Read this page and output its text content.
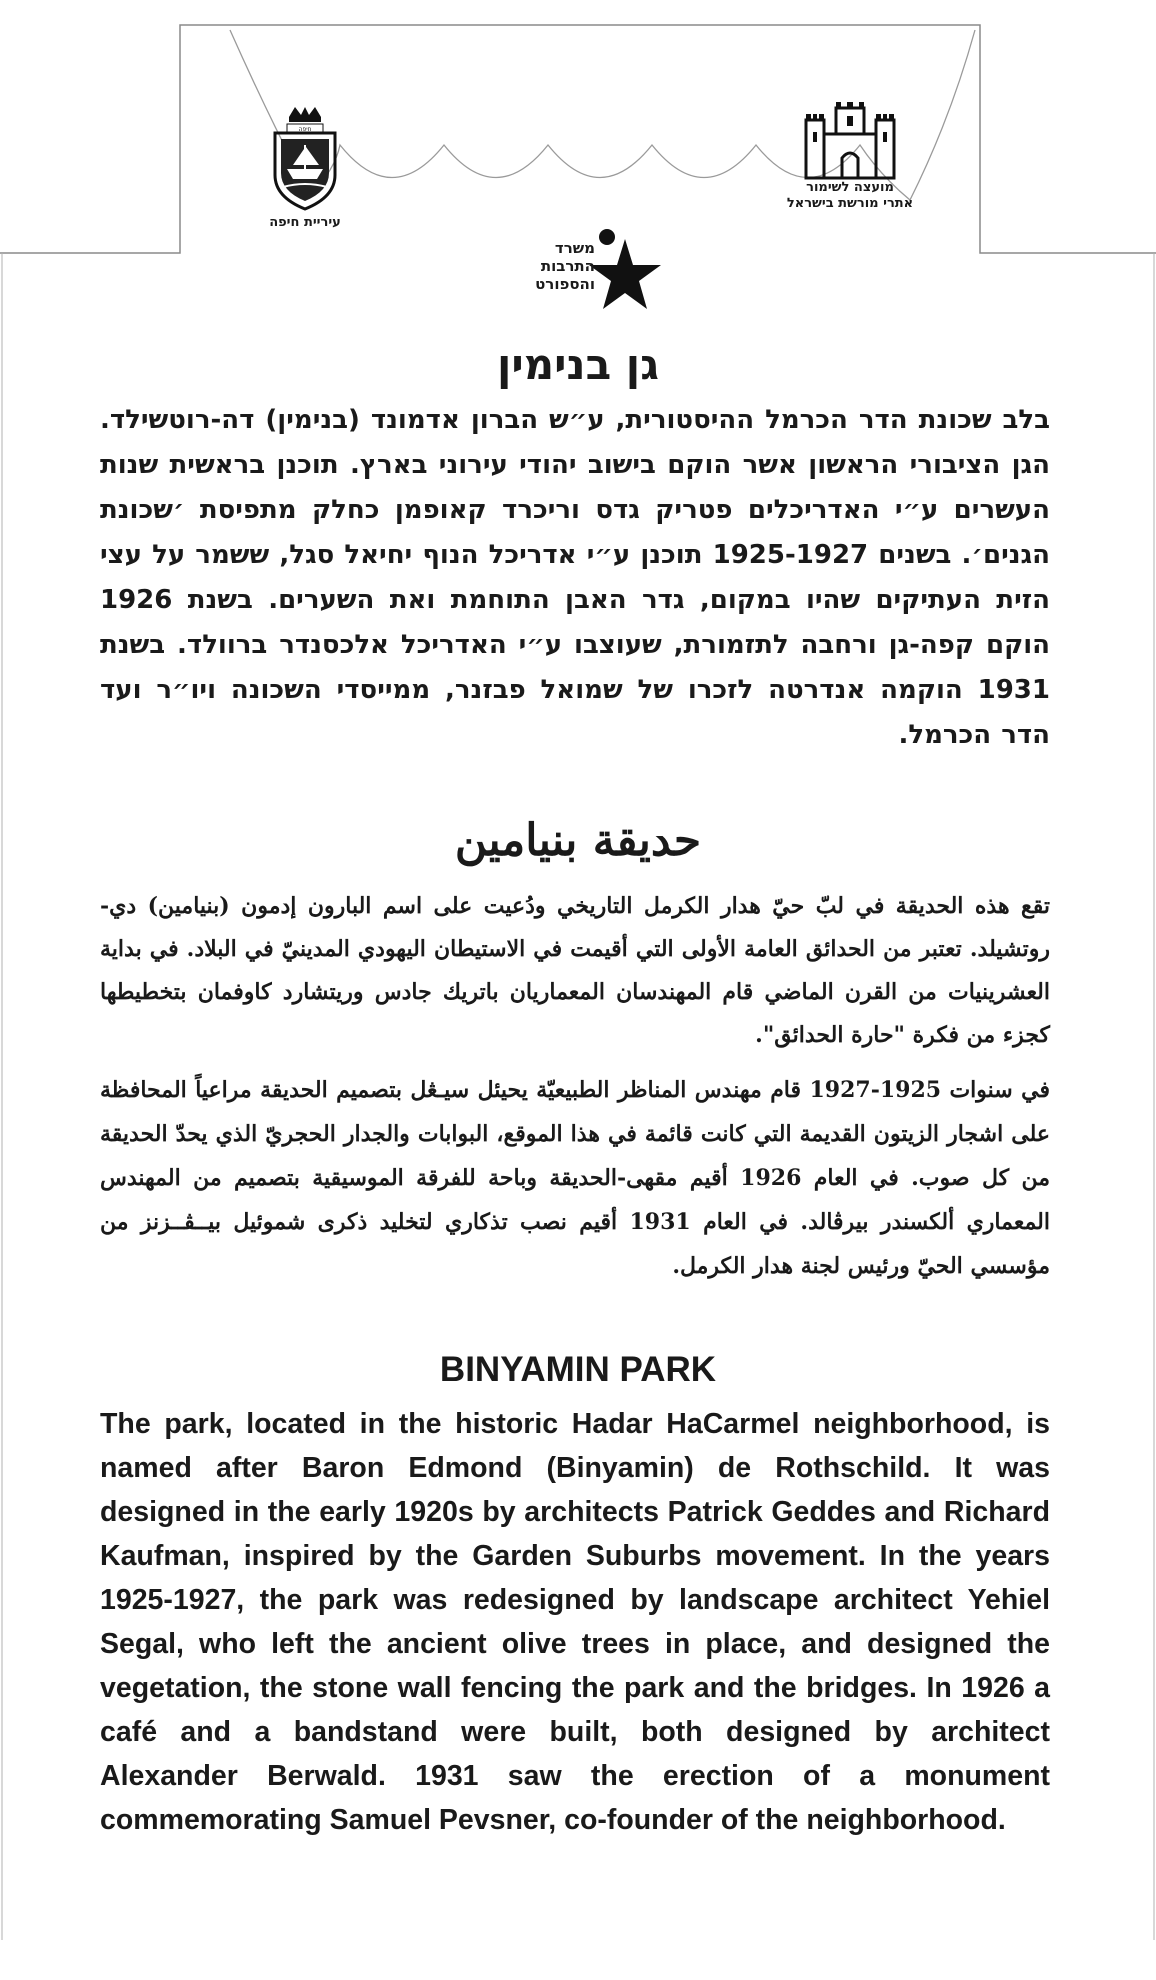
חיפה
עיריית חיפה
מועצה לשימור
אתרי מורשת בישראל
משרד
התרבות
והספורט
גן בנימין

בלב שכונת הדר הכרמל ההיסטורית, ע״ש הברון אדמונד (בנימין) דה-רוטשילד. הגן הציבורי הראשון אשר הוקם בישוב יהודי עירוני בארץ. תוכנן בראשית שנות העשרים ע״י האדריכלים פטריק גדס וריכרד קאופמן כחלק מתפיסת ׳שכונת הגנים׳. בשנים 1925-1927 תוכנן ע״י אדריכל הנוף יחיאל סגל, ששמר על עצי הזית העתיקים שהיו במקום, גדר האבן התוחמת ואת השערים. בשנת 1926 הוקם קפה-גן ורחבה לתזמורת, שעוצבו ע״י האדריכל אלכסנדר ברוולד. בשנת 1931 הוקמה אנדרטה לזכרו של שמואל פבזנר, ממייסדי השכונה ויו״ר ועד הדר הכרמל.

حديقة بنيامين

تقع هذه الحديقة في لبّ حيّ هدار الكرمل التاريخي ودُعيت على اسم البارون إدمون (بنيامين) دي-روتشيلد. تعتبر من الحدائق العامة الأولى التي أقيمت في الاستيطان اليهودي المدينيّ في البلاد. في بداية العشرينيات من القرن الماضي قام المهندسان المعماريان باتريك جادس وريتشارد كاوفمان بتخطيطها كجزء من فكرة "حارة الحدائق".

في سنوات 1925-1927 قام مهندس المناظر الطبيعيّة يحيئل سيـڠل بتصميم الحديقة مراعياً المحافظة على اشجار الزيتون القديمة التي كانت قائمة في هذا الموقع، البوابات والجدار الحجريّ الذي يحدّ الحديقة من كل صوب. في العام 1926 أقيم مقهى-الحديقة وباحة للفرقة الموسيقية بتصميم من المهندس المعماري ألكسندر بيرڤالد. في العام 1931 أقيم نصب تذكاري لتخليد ذكرى شموئيل بيــڤــزنز من مؤسسي الحيّ ورئيس لجنة هدار الكرمل.

BINYAMIN PARK

The park, located in the historic Hadar HaCarmel neighborhood, is named after Baron Edmond (Binyamin) de Rothschild. It was designed in the early 1920s by architects Patrick Geddes and Richard Kaufman, inspired by the Garden Suburbs movement. In the years 1925-1927, the park was redesigned by landscape architect Yehiel Segal, who left the ancient olive trees in place, and designed the vegetation, the stone wall fencing the park and the bridges. In 1926 a café and a bandstand were built, both designed by architect Alexander Berwald. 1931 saw the erection of a monument commemorating Samuel Pevsner, co-founder of the neighborhood.
